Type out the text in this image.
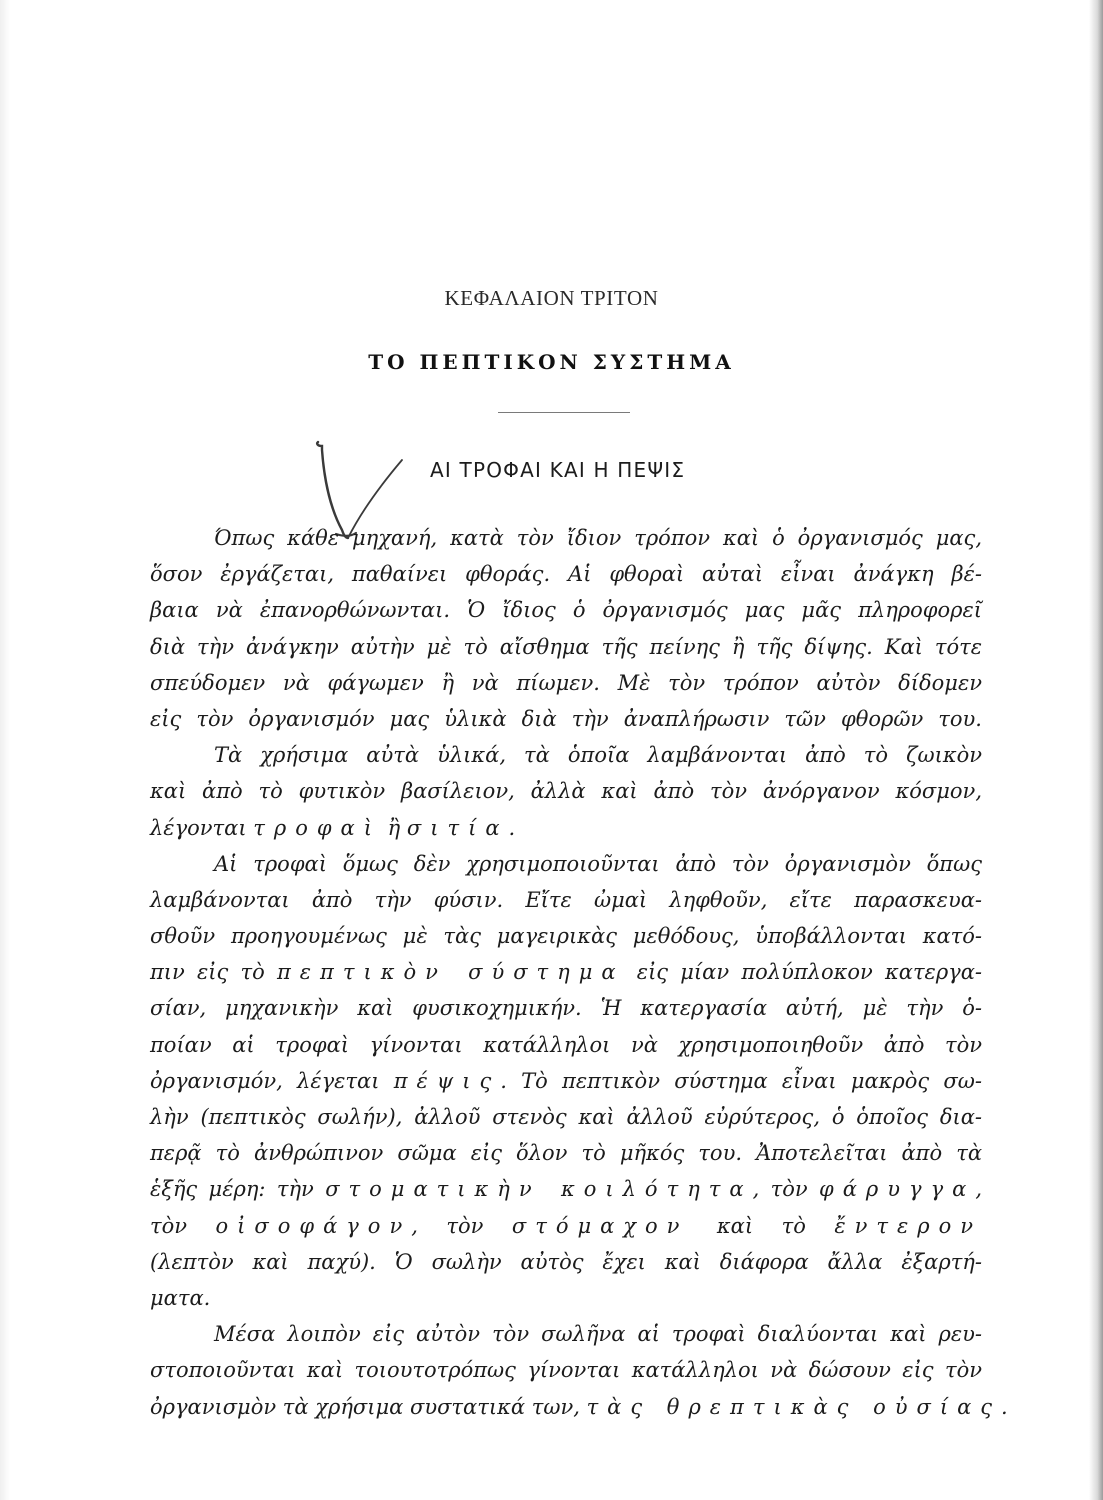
ΚΕΦΑΛΑΙΟΝ ΤΡΙΤΟΝ
ΤΟ ΠΕΠΤΙΚΟΝ ΣΥΣΤΗΜΑ
ΑΙ ΤΡΟΦΑΙ ΚΑΙ Η ΠΕΨΙΣ
Όπως κάθε μηχανή, κατὰ τὸν ἴδιον τρόπον καὶ ὁ ὀργανισμός μας,
ὅσον ἐργάζεται, παθαίνει φθοράς. Αἱ φθοραὶ αὐταὶ εἶναι ἀνάγκη βέ-
βαια νὰ ἐπανορθώνωνται. Ὁ ἴδιος ὁ ὀργανισμός μας μᾶς πληροφορεῖ
διὰ τὴν ἀνάγκην αὐτὴν μὲ τὸ αἴσθημα τῆς πείνης ἢ τῆς δίψης. Καὶ τότε
σπεύδομεν νὰ φάγωμεν ἢ νὰ πίωμεν. Μὲ τὸν τρόπον αὐτὸν δίδομεν
εἰς τὸν ὀργανισμόν μας ὑλικὰ διὰ τὴν ἀναπλήρωσιν τῶν φθορῶν του.
Τὰ χρήσιμα αὐτὰ ὑλικά, τὰ ὁποῖα λαμβάνονται ἀπὸ τὸ ζωικὸν
καὶ ἀπὸ τὸ φυτικὸν βασίλειον, ἀλλὰ καὶ ἀπὸ τὸν ἀνόργανον κόσμον,
λέγονται τροφαὶ ἢ σιτία.
Αἱ τροφαὶ ὅμως δὲν χρησιμοποιοῦνται ἀπὸ τὸν ὀργανισμὸν ὅπως
λαμβάνονται ἀπὸ τὴν φύσιν. Εἴτε ὠμαὶ ληφθοῦν, εἴτε παρασκευα-
σθοῦν προηγουμένως μὲ τὰς μαγειρικὰς μεθόδους, ὑποβάλλονται κατό-
πιν εἰς τὸ πεπτικὸν σύστημα εἰς μίαν πολύπλοκον κατεργα-
σίαν, μηχανικὴν καὶ φυσικοχημικήν. Ἡ κατεργασία αὐτή, μὲ τὴν ὁ-
ποίαν αἱ τροφαὶ γίνονται κατάλληλοι νὰ χρησιμοποιηθοῦν ἀπὸ τὸν
ὀργανισμόν, λέγεται πέψις. Τὸ πεπτικὸν σύστημα εἶναι μακρὸς σω-
λὴν (πεπτικὸς σωλήν), ἀλλοῦ στενὸς καὶ ἀλλοῦ εὐρύτερος, ὁ ὁποῖος δια-
περᾷ τὸ ἀνθρώπινον σῶμα εἰς ὅλον τὸ μῆκός του. Ἀποτελεῖται ἀπὸ τὰ
ἑξῆς μέρη: τὴν στοματικὴν κοιλότητα, τὸν φάρυγγα,
τὸν οἰσοφάγον, τὸν στόμαχον καὶ τὸ ἔντερον
(λεπτὸν καὶ παχύ). Ὁ σωλὴν αὐτὸς ἔχει καὶ διάφορα ἄλλα ἐξαρτή-
ματα.
Μέσα λοιπὸν εἰς αὐτὸν τὸν σωλῆνα αἱ τροφαὶ διαλύονται καὶ ρευ-
στοποιοῦνται καὶ τοιουτοτρόπως γίνονται κατάλληλοι νὰ δώσουν εἰς τὸν
ὀργανισμὸν τὰ χρήσιμα συστατικά των, τὰς θρεπτικὰς οὐσίας.
